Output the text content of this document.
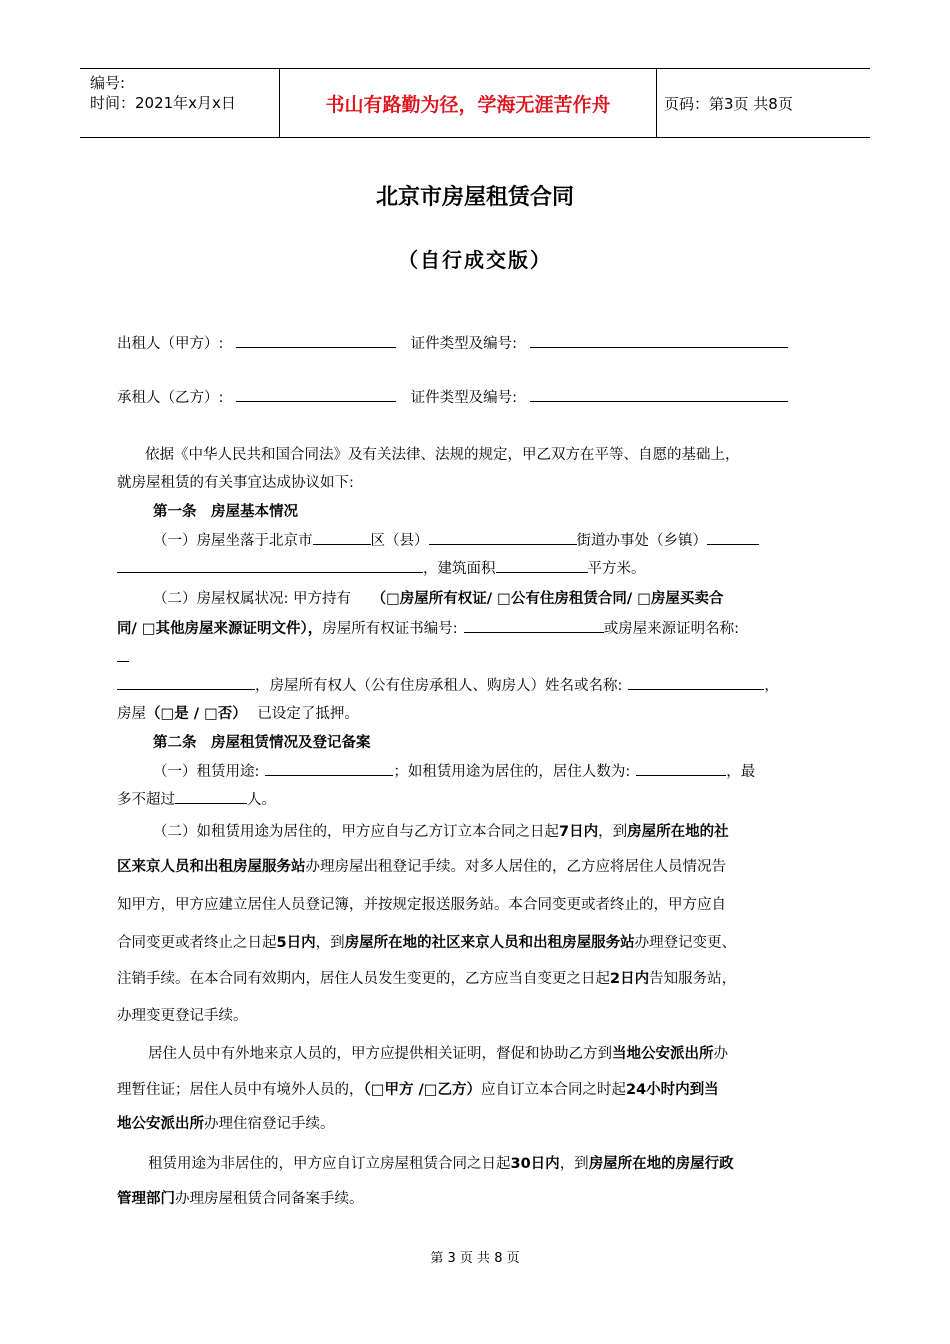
编号:
时间：2021年x月x日	书山有路勤为径，学海无涯苦作舟	页码：第3页 共8页
北京市房屋租赁合同
（自行成交版）
出租人（甲方）:	证件类型及编号:
承租人（乙方）:	证件类型及编号:
依据《中华人民共和国合同法》及有关法律、法规的规定，甲乙双方在平等、自愿的基础上，
就房屋租赁的有关事宜达成协议如下:
第一条　房屋基本情况
（一）房屋坐落于北京市	区（县）	街道办事处（乡镇）
，建筑面积	平方米。
（二）房屋权属状况: 甲方持有 （□房屋所有权证/ □公有住房租赁合同/ □房屋买卖合
同/ □其他房屋来源证明文件），房屋所有权证书编号:	或房屋来源证明名称:
，房屋所有权人（公有住房承租人、购房人）姓名或名称:	，
房屋（□是 / □否） 已设定了抵押。
第二条　房屋租赁情况及登记备案
（一）租赁用途:	；如租赁用途为居住的，居住人数为:	，最
多不超过	人。
（二）如租赁用途为居住的，甲方应自与乙方订立本合同之日起7日内，到房屋所在地的社
区来京人员和出租房屋服务站办理房屋出租登记手续。对多人居住的，乙方应将居住人员情况告
知甲方，甲方应建立居住人员登记簿，并按规定报送服务站。本合同变更或者终止的，甲方应自
合同变更或者终止之日起5日内，到房屋所在地的社区来京人员和出租房屋服务站办理登记变更、
注销手续。在本合同有效期内，居住人员发生变更的，乙方应当自变更之日起2日内告知服务站，
办理变更登记手续。
居住人员中有外地来京人员的，甲方应提供相关证明，督促和协助乙方到当地公安派出所办
理暂住证；居住人员中有境外人员的，（□甲方 /□乙方）应自订立本合同之时起24小时内到当
地公安派出所办理住宿登记手续。
租赁用途为非居住的，甲方应自订立房屋租赁合同之日起30日内，到房屋所在地的房屋行政
管理部门办理房屋租赁合同备案手续。
第 3 页 共 8 页
